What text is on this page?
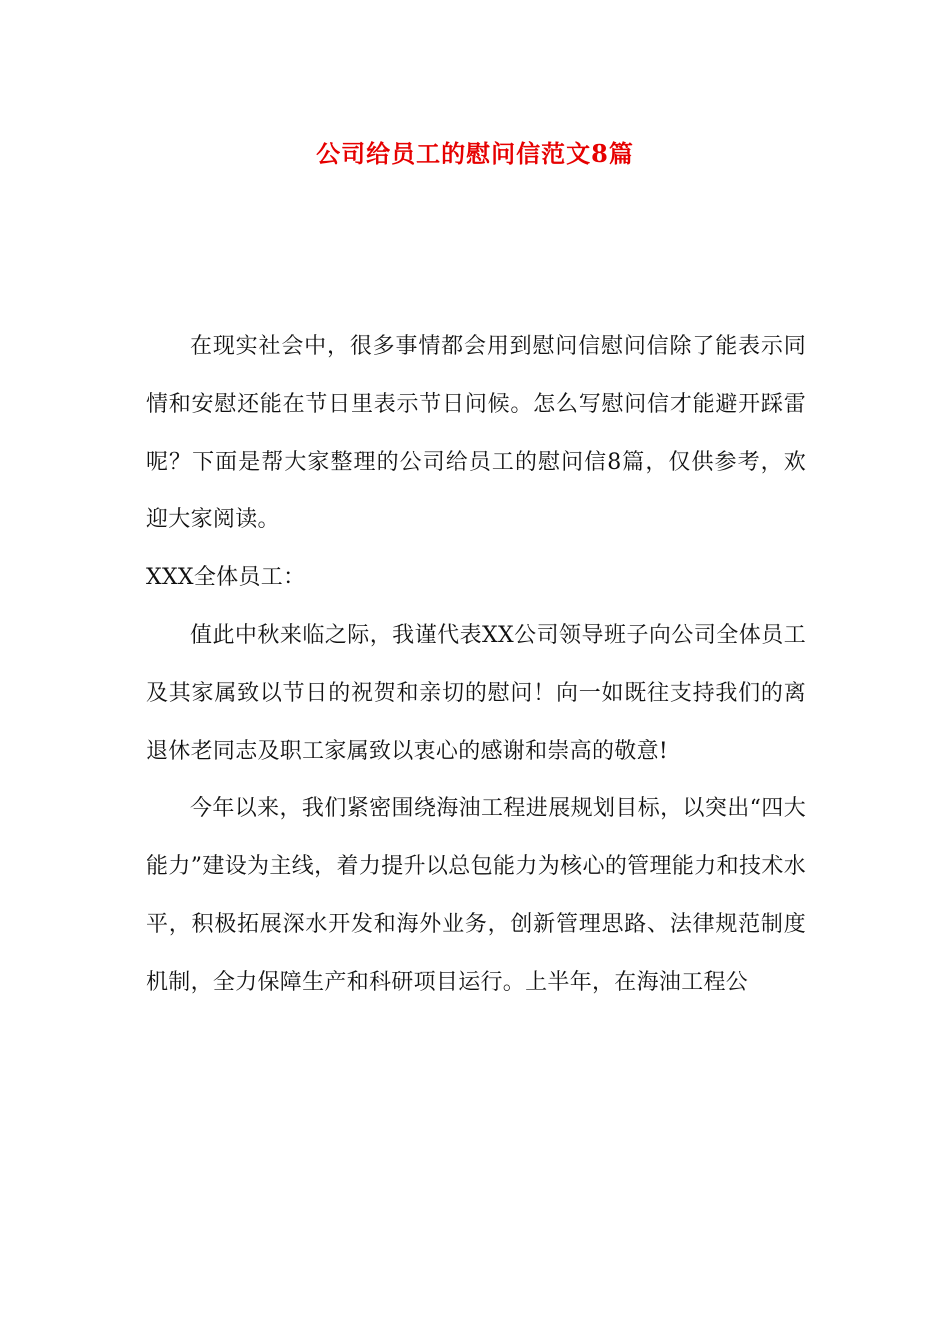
公司给员工的慰问信范文8篇

在现实社会中，很多事情都会用到慰问信慰问信除了能表示同情和安慰还能在节日里表示节日问候。怎么写慰问信才能避开踩雷呢？下面是帮大家整理的公司给员工的慰问信8篇，仅供参考，欢迎大家阅读。

XXX全体员工：

值此中秋来临之际，我谨代表XX公司领导班子向公司全体员工及其家属致以节日的祝贺和亲切的慰问！向一如既往支持我们的离退休老同志及职工家属致以衷心的感谢和崇高的敬意!

今年以来，我们紧密围绕海油工程进展规划目标，以突出“四大能力”建设为主线，着力提升以总包能力为核心的管理能力和技术水平，积极拓展深水开发和海外业务，创新管理思路、法律规范制度机制，全力保障生产和科研项目运行。上半年，在海油工程公
